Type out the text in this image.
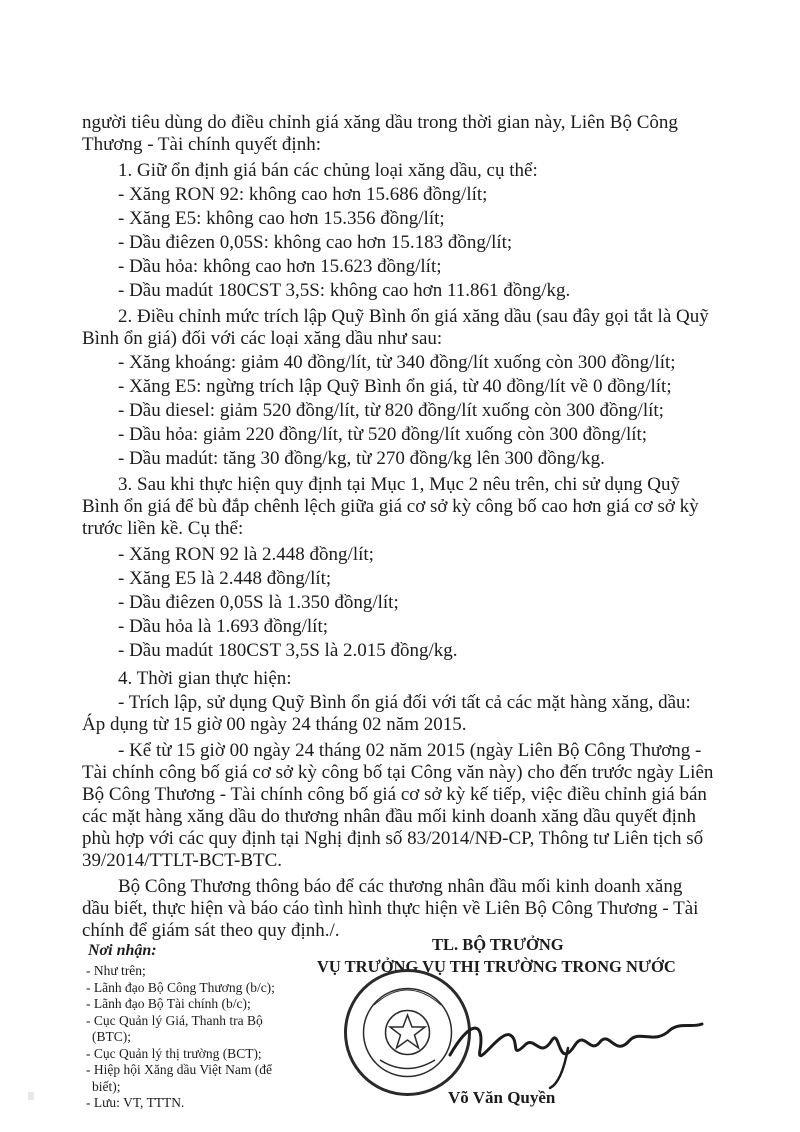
người tiêu dùng do điều chỉnh giá xăng dầu trong thời gian này, Liên Bộ Công
Thương - Tài chính quyết định:
1. Giữ ổn định giá bán các chủng loại xăng dầu, cụ thể:
- Xăng RON 92: không cao hơn 15.686 đồng/lít;
- Xăng E5: không cao hơn 15.356 đồng/lít;
- Dầu điêzen 0,05S: không cao hơn 15.183 đồng/lít;
- Dầu hỏa: không cao hơn 15.623 đồng/lít;
- Dầu madút 180CST 3,5S: không cao hơn 11.861 đồng/kg.
2. Điều chỉnh mức trích lập Quỹ Bình ổn giá xăng dầu (sau đây gọi tắt là Quỹ
Bình ổn giá) đối với các loại xăng dầu như sau:
- Xăng khoáng: giảm 40 đồng/lít, từ 340 đồng/lít xuống còn 300 đồng/lít;
- Xăng E5: ngừng trích lập Quỹ Bình ổn giá, từ 40 đồng/lít về 0 đồng/lít;
- Dầu diesel: giảm 520 đồng/lít, từ 820 đồng/lít xuống còn 300 đồng/lít;
- Dầu hỏa: giảm 220 đồng/lít, từ 520 đồng/lít xuống còn 300 đồng/lít;
- Dầu madút: tăng 30 đồng/kg, từ 270 đồng/kg lên 300 đồng/kg.
3. Sau khi thực hiện quy định tại Mục 1, Mục 2 nêu trên, chi sử dụng Quỹ
Bình ổn giá để bù đắp chênh lệch giữa giá cơ sở kỳ công bố cao hơn giá cơ sở kỳ
trước liền kề. Cụ thể:
- Xăng RON 92 là 2.448 đồng/lít;
- Xăng E5 là 2.448 đồng/lít;
- Dầu điêzen 0,05S là 1.350 đồng/lít;
- Dầu hỏa là 1.693 đồng/lít;
- Dầu madút 180CST 3,5S là 2.015 đồng/kg.
4. Thời gian thực hiện:
- Trích lập, sử dụng Quỹ Bình ổn giá đối với tất cả các mặt hàng xăng, dầu:
Áp dụng từ 15 giờ 00 ngày 24 tháng 02 năm 2015.
- Kể từ 15 giờ 00 ngày 24 tháng 02 năm 2015 (ngày Liên Bộ Công Thương -
Tài chính công bố giá cơ sở kỳ công bố tại Công văn này) cho đến trước ngày Liên
Bộ Công Thương - Tài chính công bố giá cơ sở kỳ kế tiếp, việc điều chỉnh giá bán
các mặt hàng xăng dầu do thương nhân đầu mối kinh doanh xăng dầu quyết định
phù hợp với các quy định tại Nghị định số 83/2014/NĐ-CP, Thông tư Liên tịch số
39/2014/TTLT-BCT-BTC.
Bộ Công Thương thông báo để các thương nhân đầu mối kinh doanh xăng
dầu biết, thực hiện và báo cáo tình hình thực hiện về Liên Bộ Công Thương - Tài
chính để giám sát theo quy định./.
Nơi nhận:
- Như trên;
- Lãnh đạo Bộ Công Thương (b/c);
- Lãnh đạo Bộ Tài chính (b/c);
- Cục Quản lý Giá, Thanh tra Bộ
(BTC);
- Cục Quản lý thị trường (BCT);
- Hiệp hội Xăng dầu Việt Nam (để
biết);
- Lưu: VT, TTTN.
TL. BỘ TRƯỞNG
VỤ TRƯỞNG VỤ THỊ TRƯỜNG TRONG NƯỚC
Võ Văn Quyền
